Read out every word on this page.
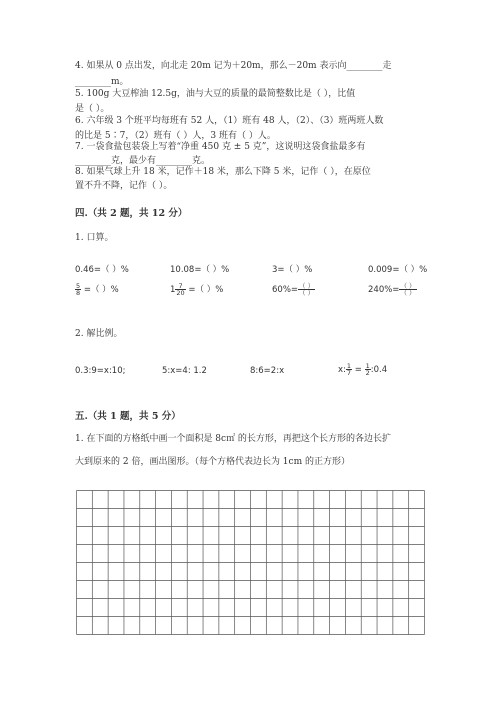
4. 如果从 0 点出发，向北走 20m 记为＋20m，那么－20m 表示向________走
________m。
5. 100g 大豆榨油 12.5g，油与大豆的质量的最简整数比是（ ），比值
是（ ）。
6. 六年级 3 个班平均每班有 52 人，（1）班有 48 人，（2）、（3）班两班人数
的比是 5∶7，（2）班有（ ）人，3 班有（ ）人。
7. 一袋食盐包装袋上写着“净重 450 克 ± 5 克”，这说明这袋食盐最多有
________克，最少有________克。
8. 如果气球上升 18 米，记作＋18 米，那么下降 5 米，记作（ ），在原位
置不升不降，记作（ ）。
四.（共 2 题，共 12 分）
1. 口算。
0.46=（ ）%	10.08=（ ）%	3=（ ）%	0.009=（ ）%
$\frac{5}{8}$ =（ ）%	$1 \frac{7}{20}$ =（ ）%	$60\%= \frac{( )}{( )}$	$240\%= \frac{( )}{( )}$
2. 解比例。
0.3:9=x:10;	5:x=4: 1.2	8:6=2:x	x: $\frac{1}{7} = \frac{1}{2}$ :0.4
五.（共 1 题，共 5 分）
1. 在下面的方格纸中画一个面积是 8c㎡ 的长方形，再把这个长方形的各边长扩
大到原来的 2 倍，画出图形。（每个方格代表边长为 1cm 的正方形）
